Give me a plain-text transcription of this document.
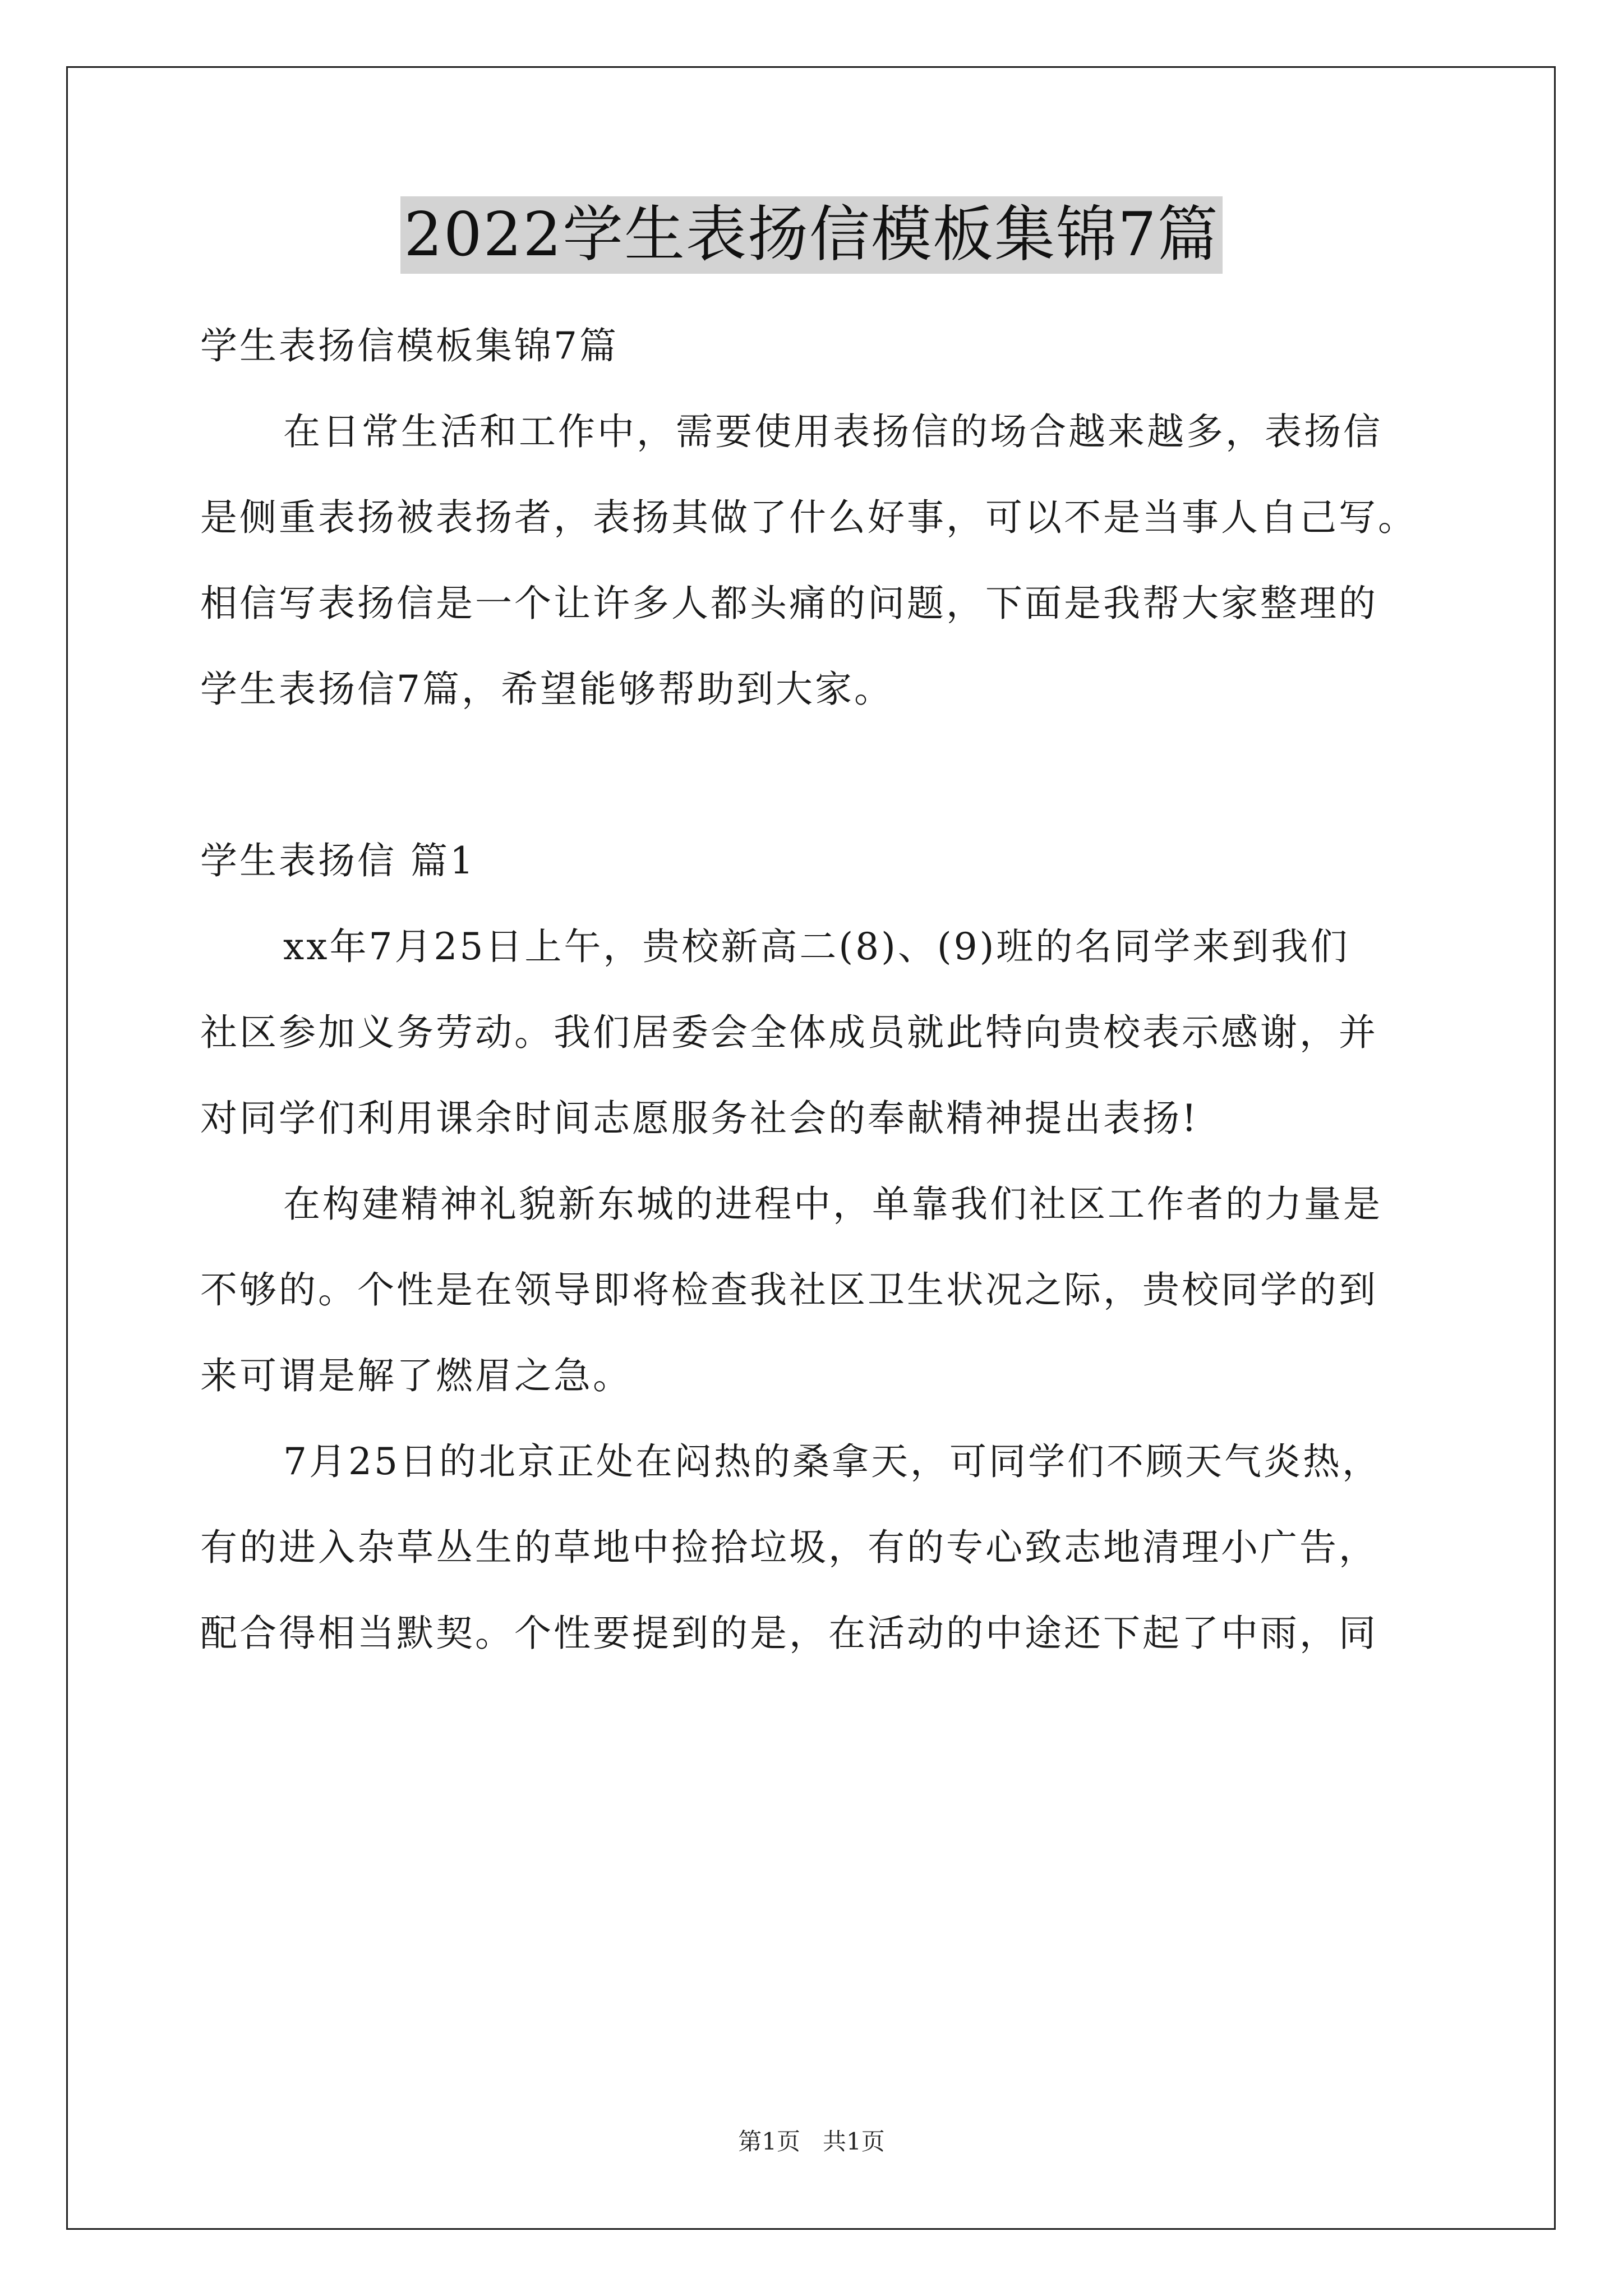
2022学生表扬信模板集锦7篇
学生表扬信模板集锦7篇
在日常生活和工作中，需要使用表扬信的场合越来越多，表扬信
是侧重表扬被表扬者，表扬其做了什么好事，可以不是当事人自己写。
相信写表扬信是一个让许多人都头痛的问题，下面是我帮大家整理的
学生表扬信7篇，希望能够帮助到大家。
学生表扬信 篇1
xx年7月25日上午，贵校新高二(8)、(9)班的名同学来到我们
社区参加义务劳动。我们居委会全体成员就此特向贵校表示感谢，并
对同学们利用课余时间志愿服务社会的奉献精神提出表扬!
在构建精神礼貌新东城的进程中，单靠我们社区工作者的力量是
不够的。个性是在领导即将检查我社区卫生状况之际，贵校同学的到
来可谓是解了燃眉之急。
7月25日的北京正处在闷热的桑拿天，可同学们不顾天气炎热，
有的进入杂草丛生的草地中捡拾垃圾，有的专心致志地清理小广告，
配合得相当默契。个性要提到的是，在活动的中途还下起了中雨，同
第1页 共1页
